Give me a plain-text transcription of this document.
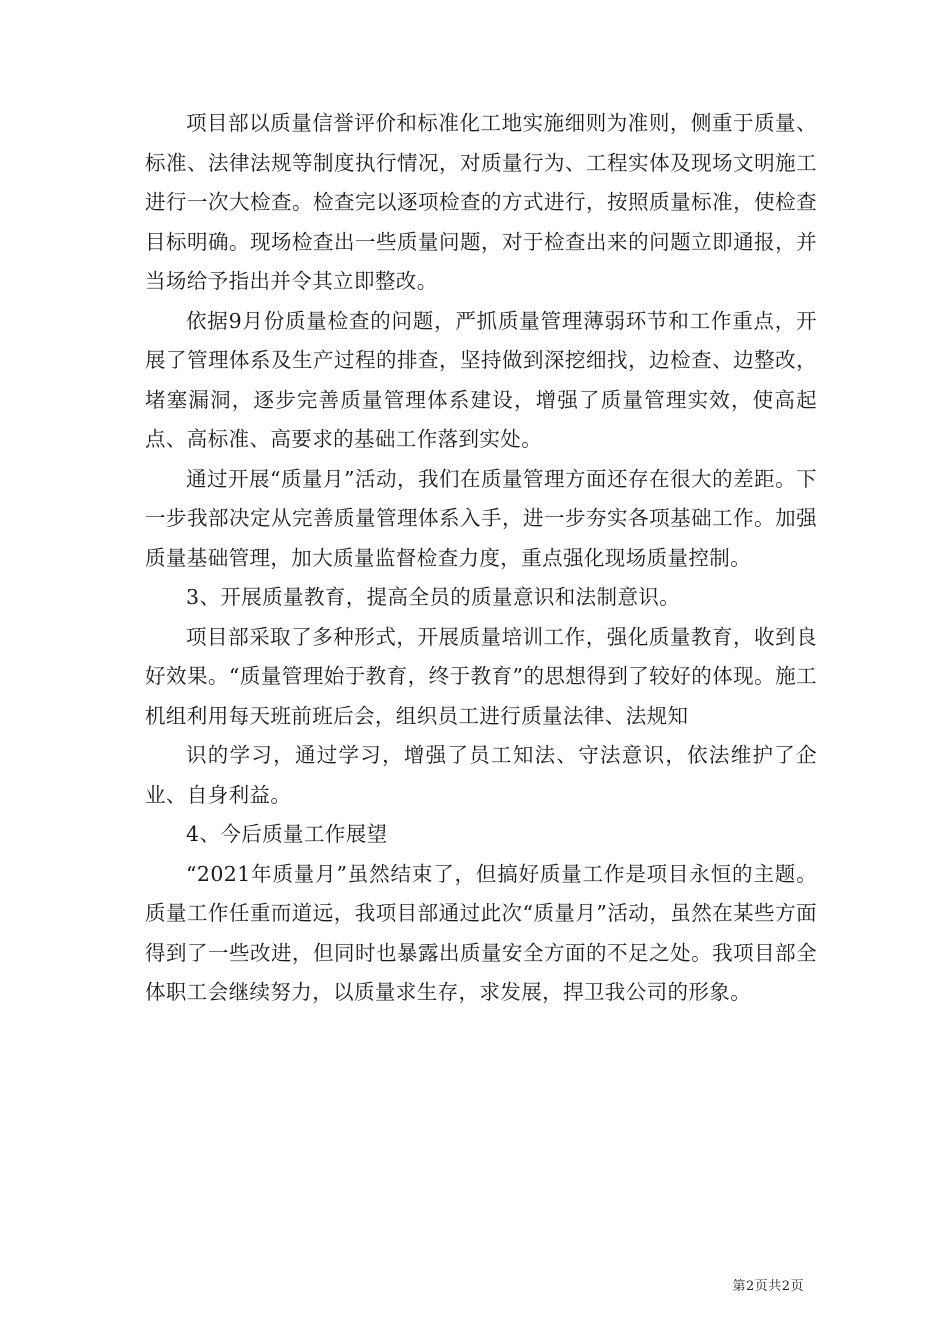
项目部以质量信誉评价和标准化工地实施细则为准则，侧重于质量、标准、法律法规等制度执行情况，对质量行为、工程实体及现场文明施工进行一次大检查。检查完以逐项检查的方式进行，按照质量标准，使检查目标明确。现场检查出一些质量问题，对于检查出来的问题立即通报，并当场给予指出并令其立即整改。

依据9月份质量检查的问题，严抓质量管理薄弱环节和工作重点，开展了管理体系及生产过程的排查，坚持做到深挖细找，边检查、边整改，堵塞漏洞，逐步完善质量管理体系建设，增强了质量管理实效，使高起点、高标准、高要求的基础工作落到实处。

通过开展“质量月”活动，我们在质量管理方面还存在很大的差距。下一步我部决定从完善质量管理体系入手，进一步夯实各项基础工作。加强质量基础管理，加大质量监督检查力度，重点强化现场质量控制。

3、开展质量教育，提高全员的质量意识和法制意识。

项目部采取了多种形式，开展质量培训工作，强化质量教育，收到良好效果。“质量管理始于教育，终于教育”的思想得到了较好的体现。施工机组利用每天班前班后会，组织员工进行质量法律、法规知

识的学习，通过学习，增强了员工知法、守法意识，依法维护了企业、自身利益。

4、今后质量工作展望

“2021年质量月”虽然结束了，但搞好质量工作是项目永恒的主题。质量工作任重而道远，我项目部通过此次“质量月”活动，虽然在某些方面得到了一些改进，但同时也暴露出质量安全方面的不足之处。我项目部全体职工会继续努力，以质量求生存，求发展，捍卫我公司的形象。

第2页共2页
